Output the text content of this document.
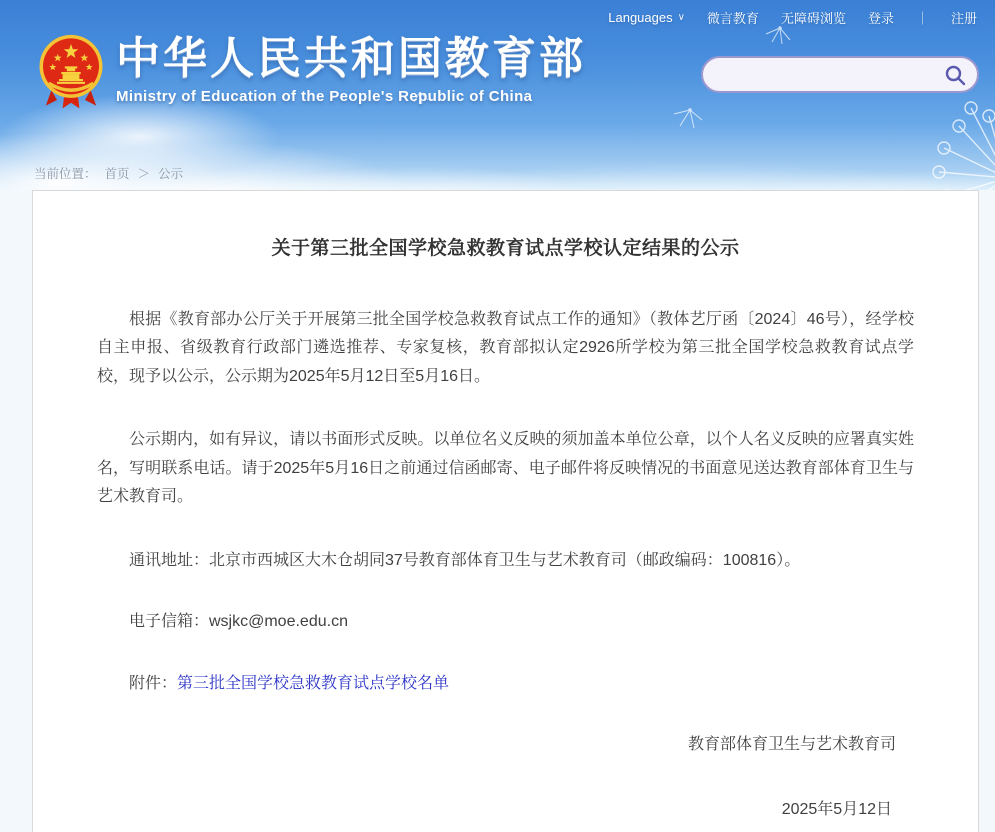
Languages ∨ 微言教育 无障碍浏览 登录 ｜ 注册
中华人民共和国教育部
Ministry of Education of the People's Republic of China
当前位置： 首页 ＞ 公示
关于第三批全国学校急救教育试点学校认定结果的公示

根据《教育部办公厅关于开展第三批全国学校急救教育试点工作的通知》（教体艺厅函〔2024〕46号），经学校自主申报、省级教育行政部门遴选推荐、专家复核，教育部拟认定2926所学校为第三批全国学校急救教育试点学校，现予以公示，公示期为2025年5月12日至5月16日。

公示期内，如有异议，请以书面形式反映。以单位名义反映的须加盖本单位公章，以个人名义反映的应署真实姓名，写明联系电话。请于2025年5月16日之前通过信函邮寄、电子邮件将反映情况的书面意见送达教育部体育卫生与艺术教育司。

通讯地址：北京市西城区大木仓胡同37号教育部体育卫生与艺术教育司（邮政编码：100816）。

电子信箱：wsjkc@moe.edu.cn

附件：第三批全国学校急救教育试点学校名单

教育部体育卫生与艺术教育司

2025年5月12日
